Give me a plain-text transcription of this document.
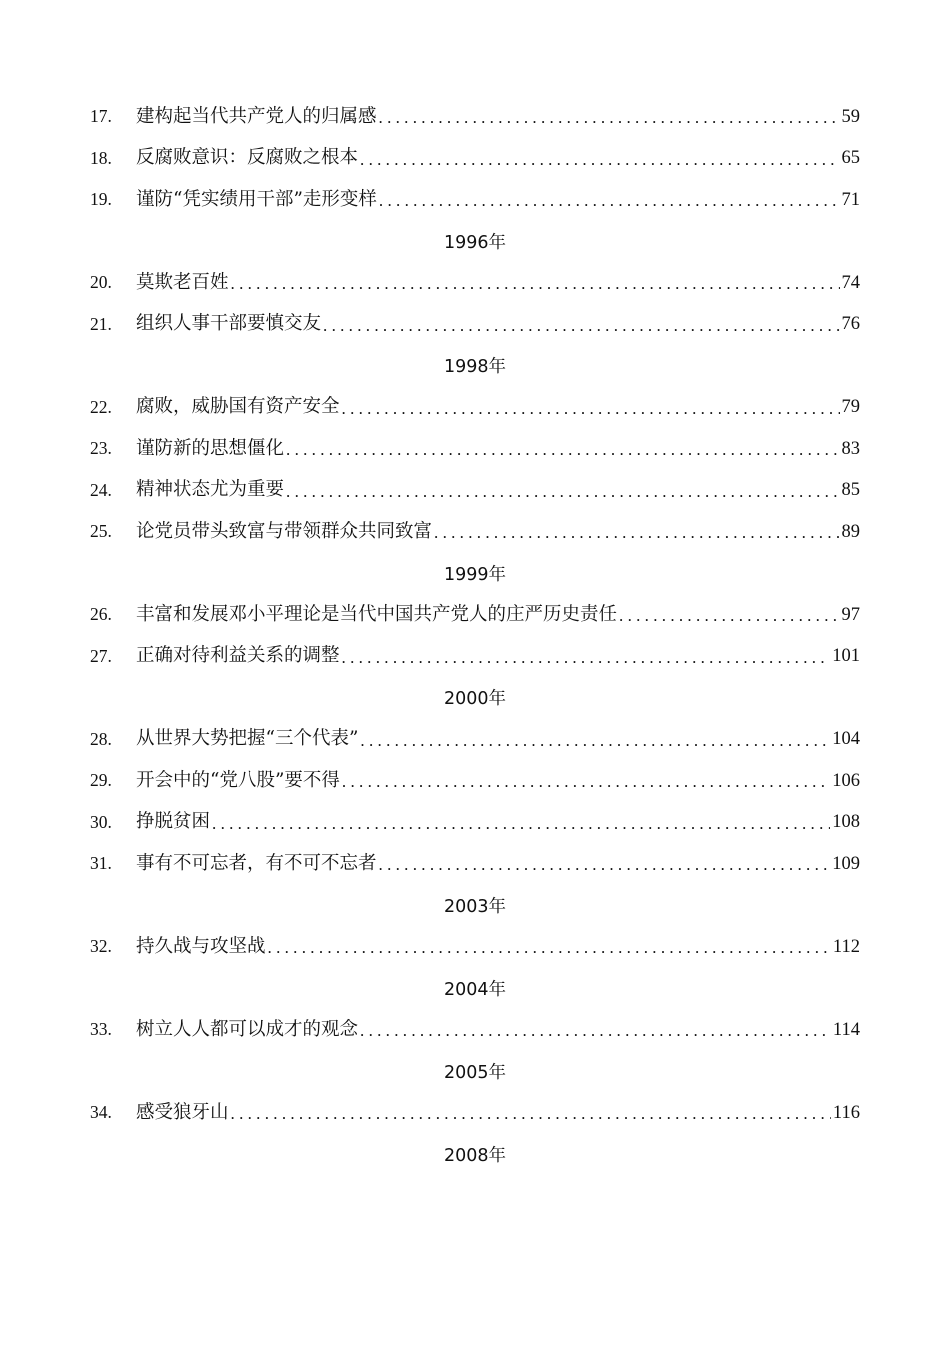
17.	建构起当代共产党人的归属感 .....	59
18.	反腐败意识：反腐败之根本 .....	65
19.	谨防“凭实绩用干部”走形变样 .....	71
1996年
20.	莫欺老百姓 .....	74
21.	组织人事干部要慎交友 .....	76
1998年
22.	腐败，威胁国有资产安全 .....	79
23.	谨防新的思想僵化 .....	83
24.	精神状态尤为重要 .....	85
25.	论党员带头致富与带领群众共同致富 .....	89
1999年
26.	丰富和发展邓小平理论是当代中国共产党人的庄严历史责任 .....	97
27.	正确对待利益关系的调整 .....	101
2000年
28.	从世界大势把握“三个代表” .....	104
29.	开会中的“党八股”要不得 .....	106
30.	挣脱贫困 .....	108
31.	事有不可忘者，有不可不忘者 .....	109
2003年
32.	持久战与攻坚战 .....	112
2004年
33.	树立人人都可以成才的观念 .....	114
2005年
34.	感受狼牙山 .....	116
2008年
